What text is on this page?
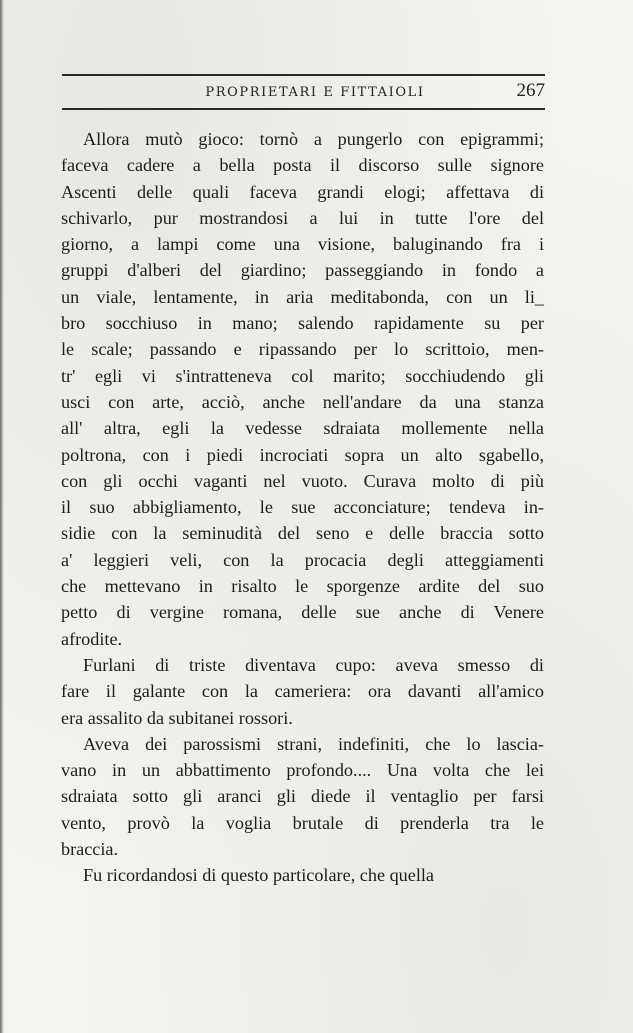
PROPRIETARI E FITTAIOLI	267
Allora mutò gioco: tornò a pungerlo con epigrammi;
faceva cadere a bella posta il discorso sulle signore
Ascenti delle quali faceva grandi elogi; affettava di
schivarlo, pur mostrandosi a lui in tutte l'ore del
giorno, a lampi come una visione, baluginando fra i
gruppi d'alberi del giardino; passeggiando in fondo a
un viale, lentamente, in aria meditabonda, con un li_
bro socchiuso in mano; salendo rapidamente su per
le scale; passando e ripassando per lo scrittoio, men-
tr' egli vi s'intratteneva col marito; socchiudendo gli
usci con arte, acciò, anche nell'andare da una stanza
all' altra, egli la vedesse sdraiata mollemente nella
poltrona, con i piedi incrociati sopra un alto sgabello,
con gli occhi vaganti nel vuoto. Curava molto di più
il suo abbigliamento, le sue acconciature; tendeva in-
sidie con la seminudità del seno e delle braccia sotto
a' leggieri veli, con la procacia degli atteggiamenti
che mettevano in risalto le sporgenze ardite del suo
petto di vergine romana, delle sue anche di Venere
afrodite.
Furlani di triste diventava cupo: aveva smesso di
fare il galante con la cameriera: ora davanti all'amico
era assalito da subitanei rossori.
Aveva dei parossismi strani, indefiniti, che lo lascia-
vano in un abbattimento profondo.... Una volta che lei
sdraiata sotto gli aranci gli diede il ventaglio per farsi
vento, provò la voglia brutale di prenderla tra le
braccia.
Fu ricordandosi di questo particolare, che quella
